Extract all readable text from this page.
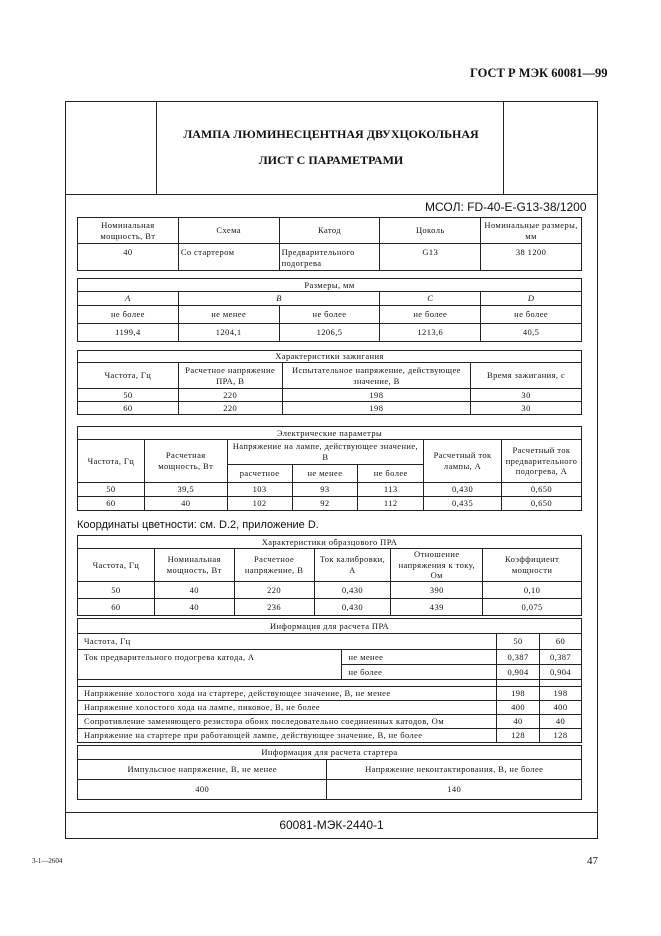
ГОСТ Р МЭК 60081—99
ЛАМПА ЛЮМИНЕСЦЕНТНАЯ ДВУХЦОКОЛЬНАЯ
ЛИСТ С ПАРАМЕТРАМИ
МСОЛ: FD-40-E-G13-38/1200
Номинальная мощность, Вт	Схема	Катод	Цоколь	Номинальные размеры, мм
40	Со стартером	Предварительного подогрева	G13	38 1200
Размеры, мм				
A	B		C	D
не более	не менее	не более	не более	не более
1199,4	1204,1	1206,5	1213,6	40,5
Характеристики зажигания			
Частота, Гц	Расчетное напряжение ПРА, В	Испытательное напряжение, действующее значение, В	Время зажигания, с
50	220	198	30
60	220	198	30
Электрические параметры						
Частота, Гц	Расчетная мощность, Вт	Напряжение на лампе, действующее значение, В			Расчетный ток лампы, А	Расчетный ток предварительного подогрева, А
		расчетное	не менее	не более		
50	39,5	103	93	113	0,430	0,650
60	40	102	92	112	0,435	0,650
Координаты цветности: см. D.2, приложение D.
Характеристики образцового ПРА					
Частота, Гц	Номинальная мощность, Вт	Расчетное напряжение, В	Ток калибровки, А	Отношение напряжения к току, Ом	Коэффициент мощности
50	40	220	0,430	390	0,10
60	40	236	0,430	439	0,075
Информация для расчета ПРА			
Частота, Гц		50	60
Ток предварительного подогрева катода, А	не менее	0,387	0,387
	не более	0,904	0,904

Напряжение холостого хода на стартере, действующее значение, В, не менее		198	198
Напряжение холостого хода на лампе, пиковое, В, не более		400	400
Сопротивление заменяющего резистора обоих последовательно соединенных катодов, Ом		40	40
Напряжение на стартере при работающей лампе, действующее значение, В, не более		128	128
Информация для расчета стартера	
Импульсное напряжение, В, не менее	Напряжение неконтактирования, В, не более
400	140
60081-МЭК-2440-1
3-1—2604	47
